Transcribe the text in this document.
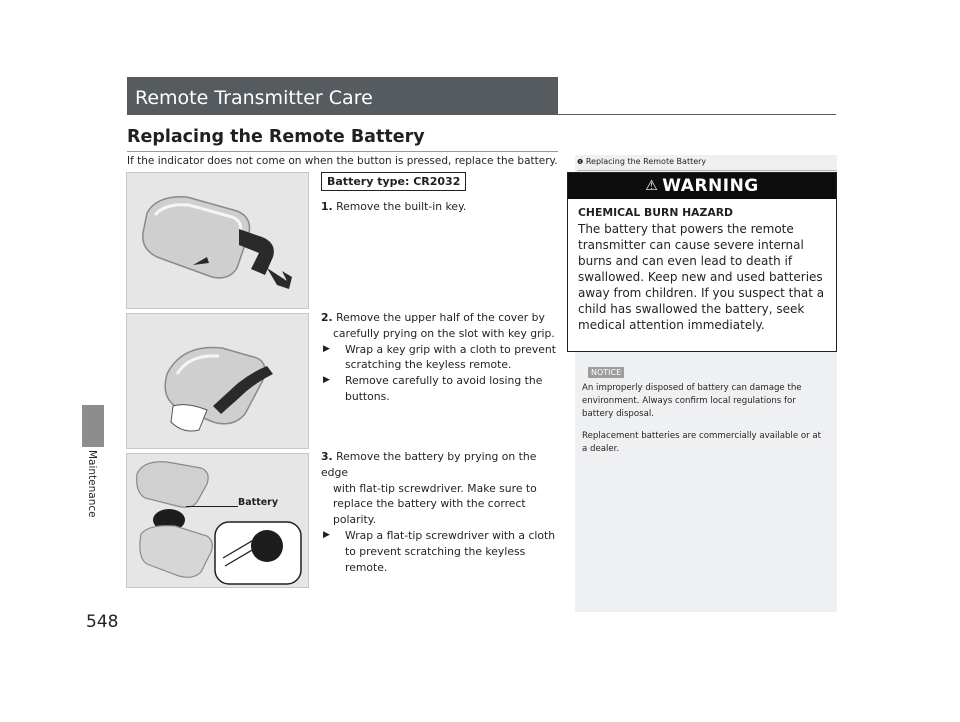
Maintenance
548
Remote Transmitter Care
Replacing the Remote Battery
If the indicator does not come on when the button is pressed, replace the battery.
Battery
Battery type: CR2032
1. Remove the built-in key.
2. Remove the upper half of the cover by
carefully prying on the slot with key grip.
▶	Wrap a key grip with a cloth to prevent
scratching the keyless remote.
▶	Remove carefully to avoid losing the
buttons.
3. Remove the battery by prying on the edge
with flat-tip screwdriver. Make sure to
replace the battery with the correct polarity.
▶	Wrap a flat-tip screwdriver with a cloth
to prevent scratching the keyless remote.
❶ Replacing the Remote Battery
⚠ WARNING
CHEMICAL BURN HAZARD
The battery that powers the remote transmitter can cause severe internal burns and can even lead to death if swallowed. Keep new and used batteries away from children. If you suspect that a child has swallowed the battery, seek medical attention immediately.
NOTICE
An improperly disposed of battery can damage the environment. Always confirm local regulations for battery disposal.
Replacement batteries are commercially available or at a dealer.
